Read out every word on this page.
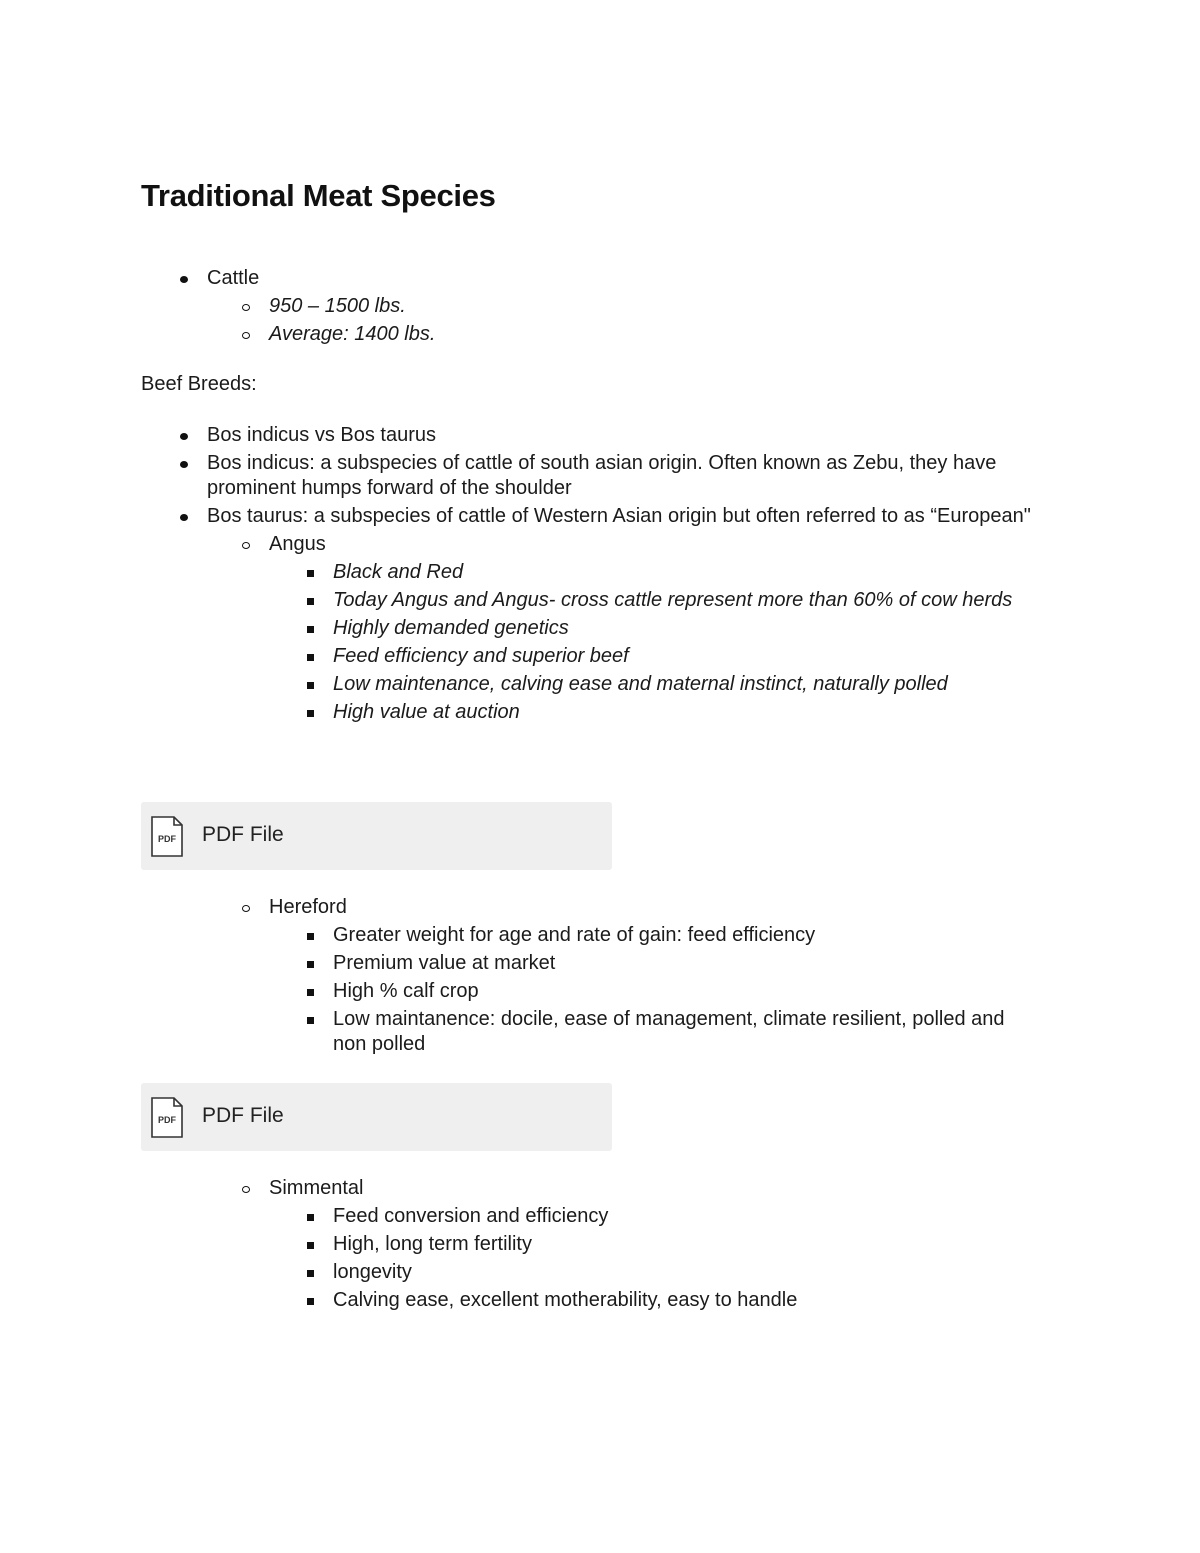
Traditional Meat Species
Cattle
950 – 1500 lbs.
Average: 1400 lbs.

Beef Breeds:

Bos indicus vs Bos taurus
Bos indicus: a subspecies of cattle of south asian origin. Often known as Zebu, they have prominent humps forward of the shoulder
Bos taurus: a subspecies of cattle of Western Asian origin but often referred to as “European"
Angus
Black and Red
Today Angus and Angus- cross cattle represent more than 60% of cow herds
Highly demanded genetics
Feed efficiency and superior beef
Low maintenance, calving ease and maternal instinct, naturally polled
High value at auction
PDF PDF File
Hereford
Greater weight for age and rate of gain: feed efficiency
Premium value at market
High % calf crop
Low maintanence: docile, ease of management, climate resilient, polled and non polled
PDF PDF File
Simmental
Feed conversion and efficiency
High, long term fertility
longevity
Calving ease, excellent motherability, easy to handle
